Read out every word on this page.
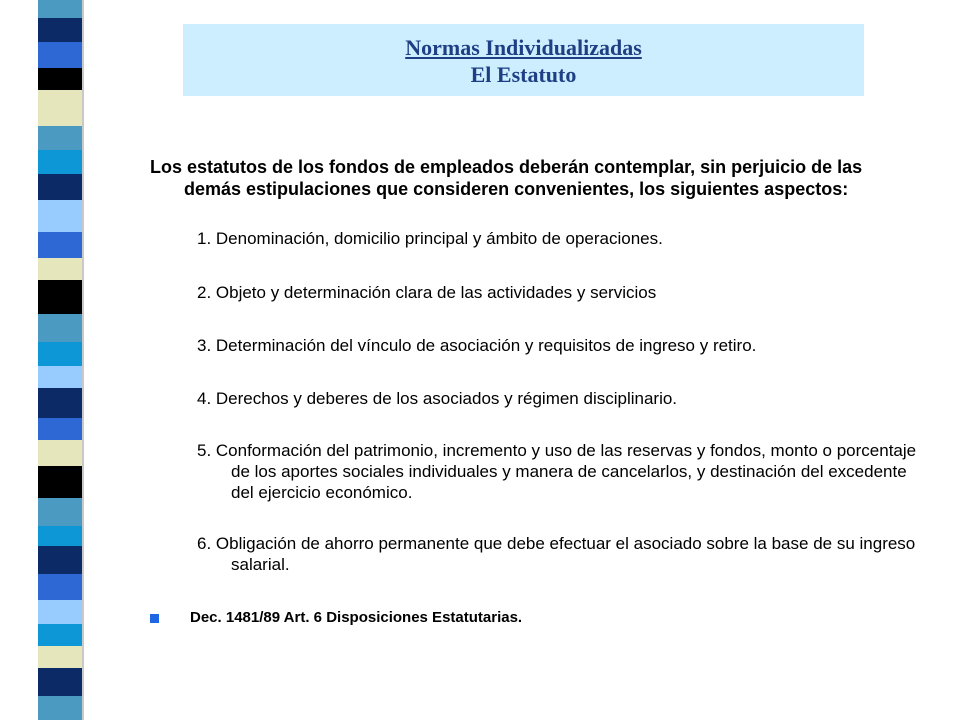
Normas Individualizadas
El Estatuto

Los estatutos de los fondos de empleados deberán contemplar, sin perjuicio de las demás estipulaciones que consideren convenientes, los siguientes aspectos:

1. Denominación, domicilio principal y ámbito de operaciones.

2. Objeto y determinación clara de las actividades y servicios

3. Determinación del vínculo de asociación y requisitos de ingreso y retiro.

4. Derechos y deberes de los asociados y régimen disciplinario.

5. Conformación del patrimonio, incremento y uso de las reservas y fondos, monto o porcentaje de los aportes sociales individuales y manera de cancelarlos, y destinación del excedente del ejercicio económico.

6. Obligación de ahorro permanente que debe efectuar el asociado sobre la base de su ingreso salarial.

Dec. 1481/89 Art. 6 Disposiciones Estatutarias.
